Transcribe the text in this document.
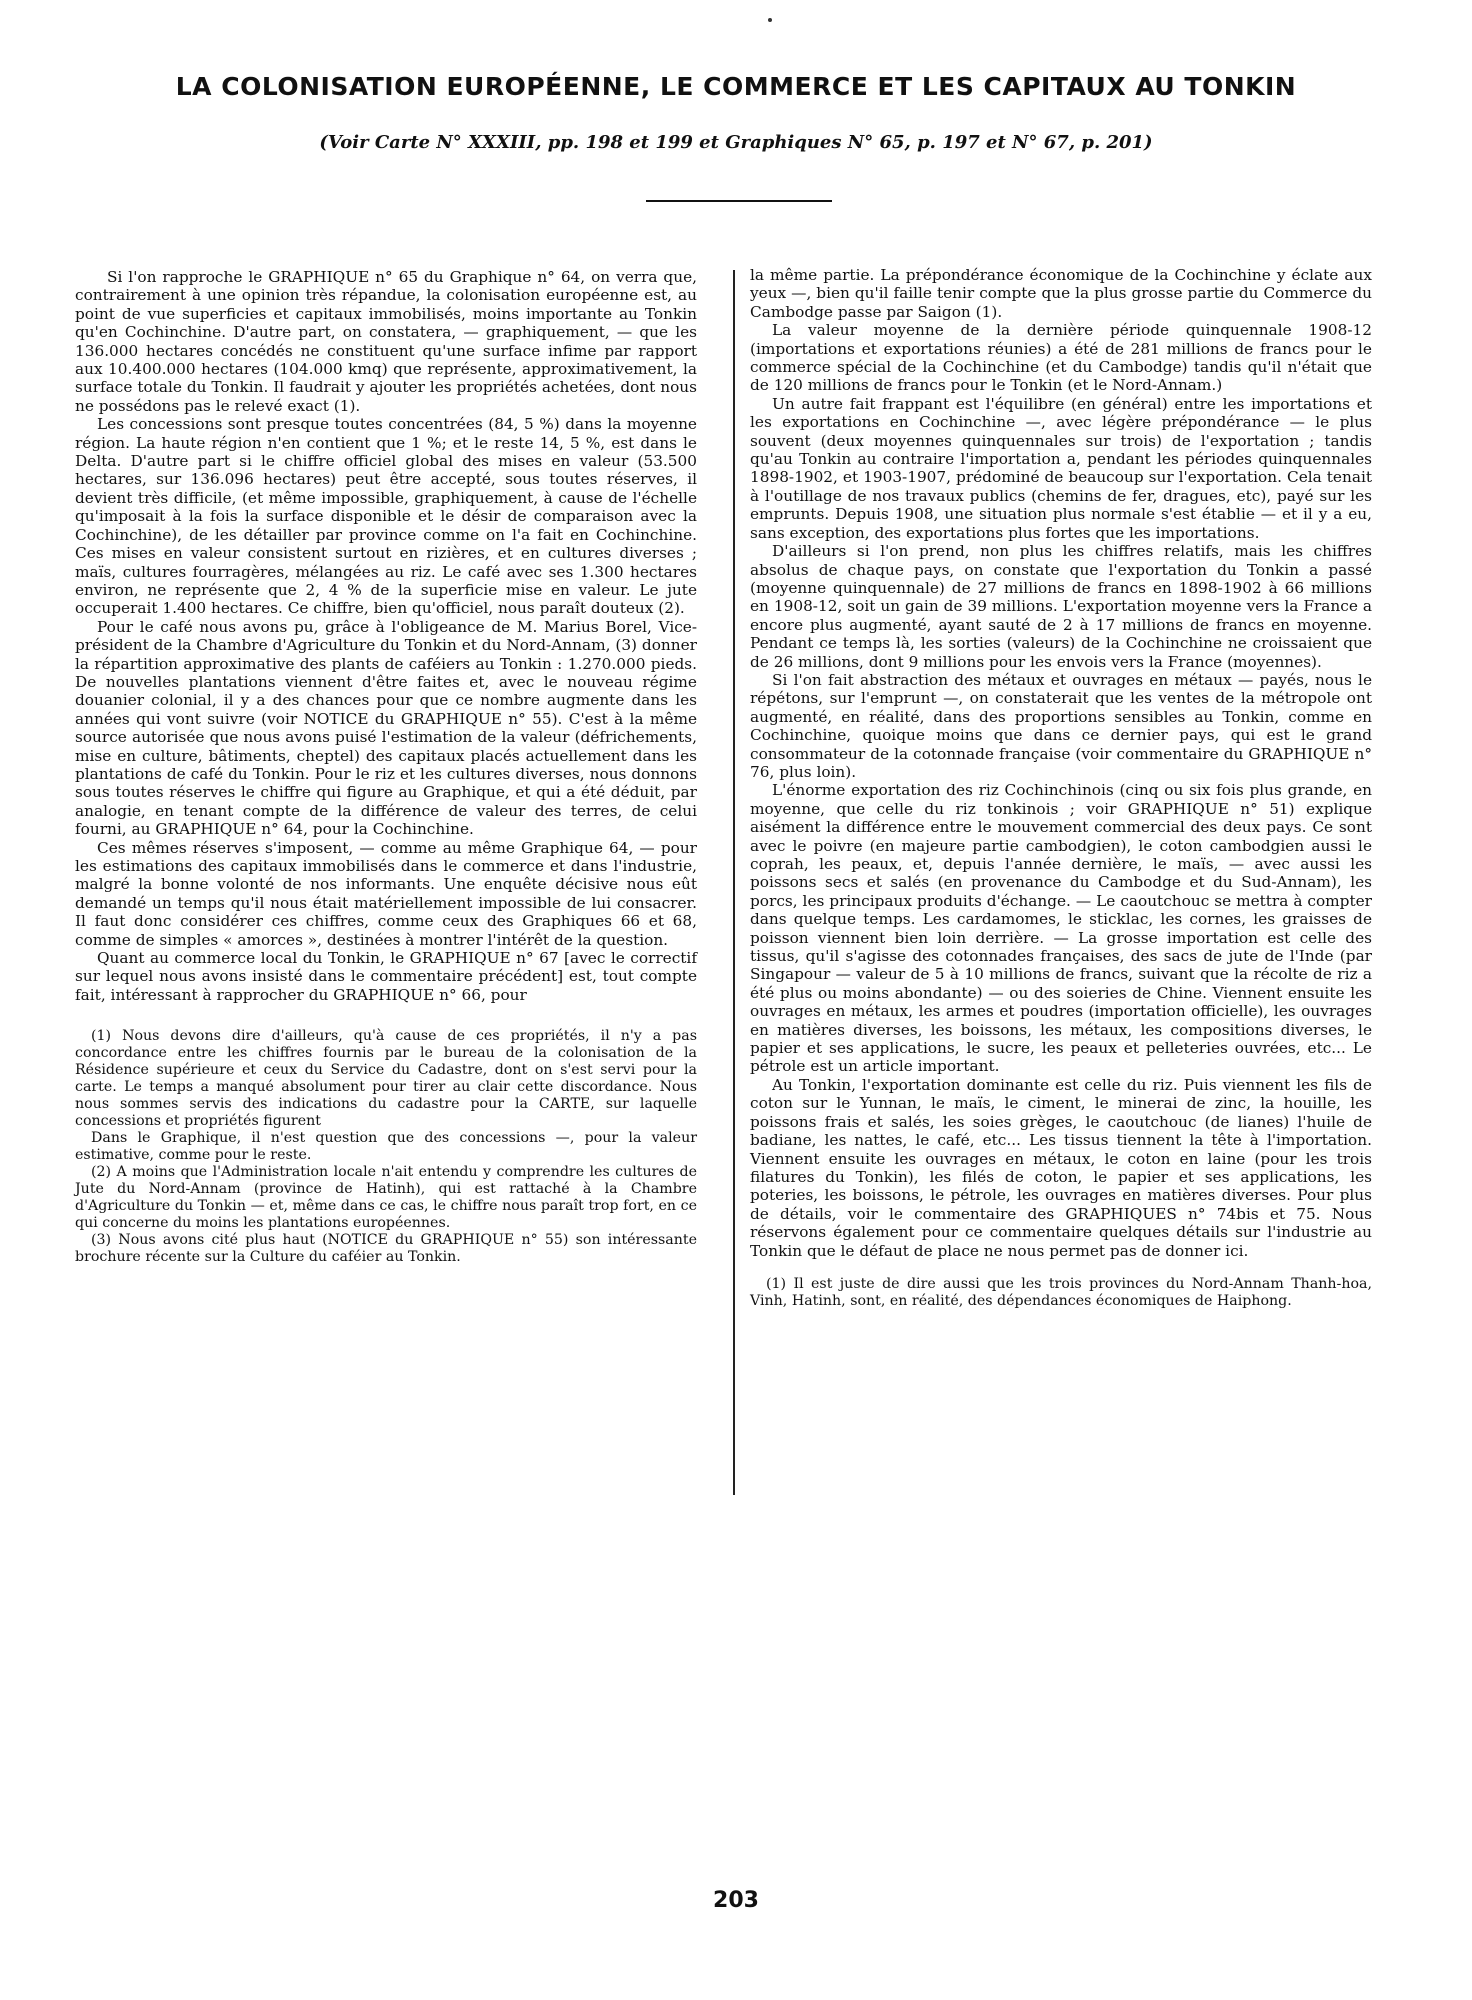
LA COLONISATION EUROPÉENNE, LE COMMERCE ET LES CAPITAUX AU TONKIN
(Voir Carte N° XXXIII, pp. 198 et 199 et Graphiques N° 65, p. 197 et N° 67, p. 201)

Si l'on rapproche le GRAPHIQUE n° 65 du Graphique n° 64, on verra que, contrairement à une opinion très répandue, la colonisation européenne est, au point de vue superficies et capitaux immobilisés, moins importante au Tonkin qu'en Cochinchine. D'autre part, on constatera, — graphiquement, — que les 136.000 hectares concédés ne constituent qu'une surface infime par rapport aux 10.400.000 hectares (104.000 kmq) que représente, approximativement, la surface totale du Tonkin. Il faudrait y ajouter les propriétés achetées, dont nous ne possédons pas le relevé exact (1).

Les concessions sont presque toutes concentrées (84, 5 %) dans la moyenne région. La haute région n'en contient que 1 %; et le reste 14, 5 %, est dans le Delta. D'autre part si le chiffre officiel global des mises en valeur (53.500 hectares, sur 136.096 hectares) peut être accepté, sous toutes réserves, il devient très difficile, (et même impossible, graphiquement, à cause de l'échelle qu'imposait à la fois la surface disponible et le désir de comparaison avec la Cochinchine), de les détailler par province comme on l'a fait en Cochinchine. Ces mises en valeur consistent surtout en rizières, et en cultures diverses ; maïs, cultures fourragères, mélangées au riz. Le café avec ses 1.300 hectares environ, ne représente que 2, 4 % de la superficie mise en valeur. Le jute occuperait 1.400 hectares. Ce chiffre, bien qu'officiel, nous paraît douteux (2).

Pour le café nous avons pu, grâce à l'obligeance de M. Marius Borel, Vice-président de la Chambre d'Agriculture du Tonkin et du Nord-Annam, (3) donner la répartition approximative des plants de caféiers au Tonkin : 1.270.000 pieds. De nouvelles plantations viennent d'être faites et, avec le nouveau régime douanier colonial, il y a des chances pour que ce nombre augmente dans les années qui vont suivre (voir NOTICE du GRAPHIQUE n° 55). C'est à la même source autorisée que nous avons puisé l'estimation de la valeur (défrichements, mise en culture, bâtiments, cheptel) des capitaux placés actuellement dans les plantations de café du Tonkin. Pour le riz et les cultures diverses, nous donnons sous toutes réserves le chiffre qui figure au Graphique, et qui a été déduit, par analogie, en tenant compte de la différence de valeur des terres, de celui fourni, au GRAPHIQUE n° 64, pour la Cochinchine.

Ces mêmes réserves s'imposent, — comme au même Graphique 64, — pour les estimations des capitaux immobilisés dans le commerce et dans l'industrie, malgré la bonne volonté de nos informants. Une enquête décisive nous eût demandé un temps qu'il nous était matériellement impossible de lui consacrer. Il faut donc considérer ces chiffres, comme ceux des Graphiques 66 et 68, comme de simples « amorces », destinées à montrer l'intérêt de la question.

Quant au commerce local du Tonkin, le GRAPHIQUE n° 67 [avec le correctif sur lequel nous avons insisté dans le commentaire précédent] est, tout compte fait, intéressant à rapprocher du GRAPHIQUE n° 66, pour

(1) Nous devons dire d'ailleurs, qu'à cause de ces propriétés, il n'y a pas concordance entre les chiffres fournis par le bureau de la colonisation de la Résidence supérieure et ceux du Service du Cadastre, dont on s'est servi pour la carte. Le temps a manqué absolument pour tirer au clair cette discordance. Nous nous sommes servis des indications du cadastre pour la CARTE, sur laquelle concessions et propriétés figurent

Dans le Graphique, il n'est question que des concessions —, pour la valeur estimative, comme pour le reste.

(2) A moins que l'Administration locale n'ait entendu y comprendre les cultures de Jute du Nord-Annam (province de Hatinh), qui est rattaché à la Chambre d'Agriculture du Tonkin — et, même dans ce cas, le chiffre nous paraît trop fort, en ce qui concerne du moins les plantations européennes.

(3) Nous avons cité plus haut (NOTICE du GRAPHIQUE n° 55) son intéressante brochure récente sur la Culture du caféier au Tonkin.

la même partie. La prépondérance économique de la Cochinchine y éclate aux yeux —, bien qu'il faille tenir compte que la plus grosse partie du Commerce du Cambodge passe par Saigon (1).

La valeur moyenne de la dernière période quinquennale 1908-12 (importations et exportations réunies) a été de 281 millions de francs pour le commerce spécial de la Cochinchine (et du Cambodge) tandis qu'il n'était que de 120 millions de francs pour le Tonkin (et le Nord-Annam.)

Un autre fait frappant est l'équilibre (en général) entre les importations et les exportations en Cochinchine —, avec légère prépondérance — le plus souvent (deux moyennes quinquennales sur trois) de l'exportation ; tandis qu'au Tonkin au contraire l'importation a, pendant les périodes quinquennales 1898-1902, et 1903-1907, prédominé de beaucoup sur l'exportation. Cela tenait à l'outillage de nos travaux publics (chemins de fer, dragues, etc), payé sur les emprunts. Depuis 1908, une situation plus normale s'est établie — et il y a eu, sans exception, des exportations plus fortes que les importations.

D'ailleurs si l'on prend, non plus les chiffres relatifs, mais les chiffres absolus de chaque pays, on constate que l'exportation du Tonkin a passé (moyenne quinquennale) de 27 millions de francs en 1898-1902 à 66 millions en 1908-12, soit un gain de 39 millions. L'exportation moyenne vers la France a encore plus augmenté, ayant sauté de 2 à 17 millions de francs en moyenne. Pendant ce temps là, les sorties (valeurs) de la Cochinchine ne croissaient que de 26 millions, dont 9 millions pour les envois vers la France (moyennes).

Si l'on fait abstraction des métaux et ouvrages en métaux — payés, nous le répétons, sur l'emprunt —, on constaterait que les ventes de la métropole ont augmenté, en réalité, dans des proportions sensibles au Tonkin, comme en Cochinchine, quoique moins que dans ce dernier pays, qui est le grand consommateur de la cotonnade française (voir commentaire du GRAPHIQUE n° 76, plus loin).

L'énorme exportation des riz Cochinchinois (cinq ou six fois plus grande, en moyenne, que celle du riz tonkinois ; voir GRAPHIQUE n° 51) explique aisément la différence entre le mouvement commercial des deux pays. Ce sont avec le poivre (en majeure partie cambodgien), le coton cambodgien aussi le coprah, les peaux, et, depuis l'année dernière, le maïs, — avec aussi les poissons secs et salés (en provenance du Cambodge et du Sud-Annam), les porcs, les principaux produits d'échange. — Le caoutchouc se mettra à compter dans quelque temps. Les cardamomes, le sticklac, les cornes, les graisses de poisson viennent bien loin derrière. — La grosse importation est celle des tissus, qu'il s'agisse des cotonnades françaises, des sacs de jute de l'Inde (par Singapour — valeur de 5 à 10 millions de francs, suivant que la récolte de riz a été plus ou moins abondante) — ou des soieries de Chine. Viennent ensuite les ouvrages en métaux, les armes et poudres (importation officielle), les ouvrages en matières diverses, les boissons, les métaux, les compositions diverses, le papier et ses applications, le sucre, les peaux et pelleteries ouvrées, etc... Le pétrole est un article important.

Au Tonkin, l'exportation dominante est celle du riz. Puis viennent les fils de coton sur le Yunnan, le maïs, le ciment, le minerai de zinc, la houille, les poissons frais et salés, les soies grèges, le caoutchouc (de lianes) l'huile de badiane, les nattes, le café, etc... Les tissus tiennent la tête à l'importation. Viennent ensuite les ouvrages en métaux, le coton en laine (pour les trois filatures du Tonkin), les filés de coton, le papier et ses applications, les poteries, les boissons, le pétrole, les ouvrages en matières diverses. Pour plus de détails, voir le commentaire des GRAPHIQUES n° 74bis et 75. Nous réservons également pour ce commentaire quelques détails sur l'industrie au Tonkin que le défaut de place ne nous permet pas de donner ici.

(1) Il est juste de dire aussi que les trois provinces du Nord-Annam Thanh-hoa, Vinh, Hatinh, sont, en réalité, des dépendances économiques de Haiphong.

203
